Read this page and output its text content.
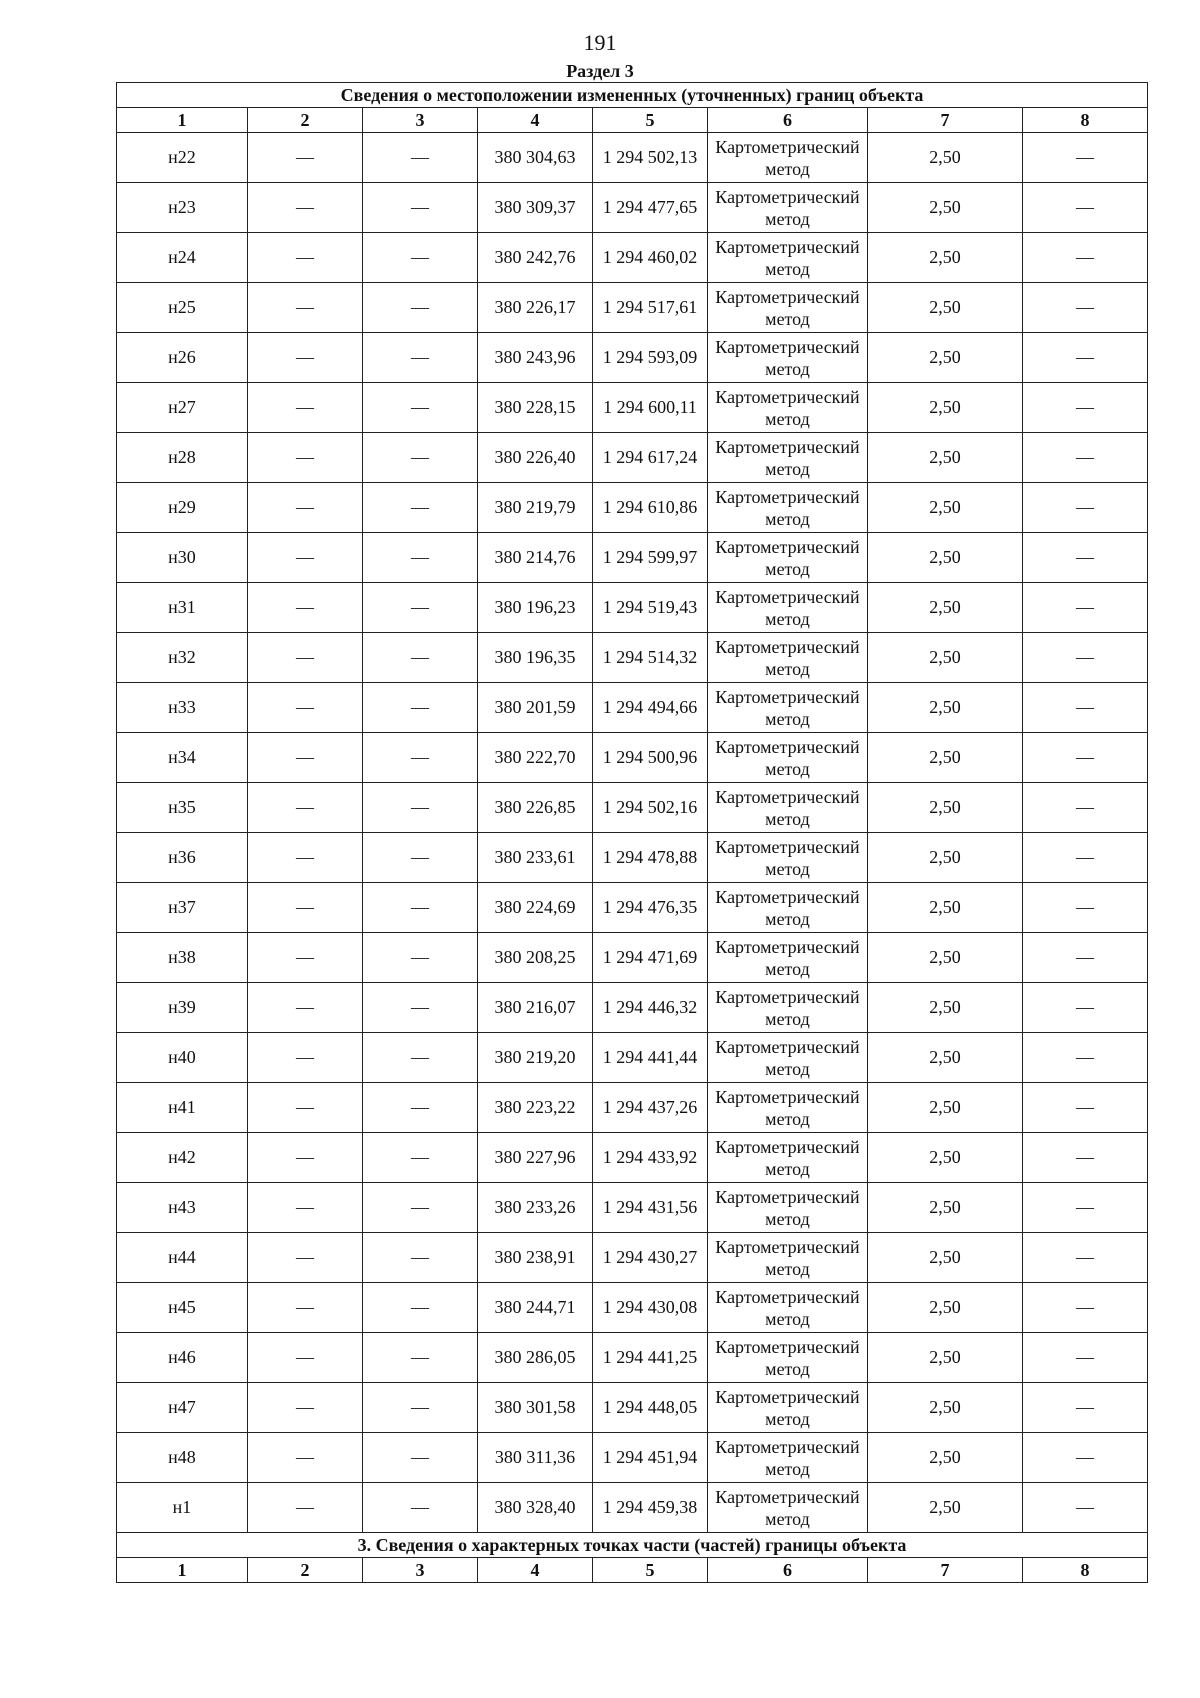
191
Раздел 3
Сведения о местоположении измененных (уточненных) границ объекта							
1	2	3	4	5	6	7	8
н22	—	—	380 304,63	1 294 502,13	Картометрический метод	2,50	—
н23	—	—	380 309,37	1 294 477,65	Картометрический метод	2,50	—
н24	—	—	380 242,76	1 294 460,02	Картометрический метод	2,50	—
н25	—	—	380 226,17	1 294 517,61	Картометрический метод	2,50	—
н26	—	—	380 243,96	1 294 593,09	Картометрический метод	2,50	—
н27	—	—	380 228,15	1 294 600,11	Картометрический метод	2,50	—
н28	—	—	380 226,40	1 294 617,24	Картометрический метод	2,50	—
н29	—	—	380 219,79	1 294 610,86	Картометрический метод	2,50	—
н30	—	—	380 214,76	1 294 599,97	Картометрический метод	2,50	—
н31	—	—	380 196,23	1 294 519,43	Картометрический метод	2,50	—
н32	—	—	380 196,35	1 294 514,32	Картометрический метод	2,50	—
н33	—	—	380 201,59	1 294 494,66	Картометрический метод	2,50	—
н34	—	—	380 222,70	1 294 500,96	Картометрический метод	2,50	—
н35	—	—	380 226,85	1 294 502,16	Картометрический метод	2,50	—
н36	—	—	380 233,61	1 294 478,88	Картометрический метод	2,50	—
н37	—	—	380 224,69	1 294 476,35	Картометрический метод	2,50	—
н38	—	—	380 208,25	1 294 471,69	Картометрический метод	2,50	—
н39	—	—	380 216,07	1 294 446,32	Картометрический метод	2,50	—
н40	—	—	380 219,20	1 294 441,44	Картометрический метод	2,50	—
н41	—	—	380 223,22	1 294 437,26	Картометрический метод	2,50	—
н42	—	—	380 227,96	1 294 433,92	Картометрический метод	2,50	—
н43	—	—	380 233,26	1 294 431,56	Картометрический метод	2,50	—
н44	—	—	380 238,91	1 294 430,27	Картометрический метод	2,50	—
н45	—	—	380 244,71	1 294 430,08	Картометрический метод	2,50	—
н46	—	—	380 286,05	1 294 441,25	Картометрический метод	2,50	—
н47	—	—	380 301,58	1 294 448,05	Картометрический метод	2,50	—
н48	—	—	380 311,36	1 294 451,94	Картометрический метод	2,50	—
н1	—	—	380 328,40	1 294 459,38	Картометрический метод	2,50	—
3. Сведения о характерных точках части (частей) границы объекта							
1	2	3	4	5	6	7	8
